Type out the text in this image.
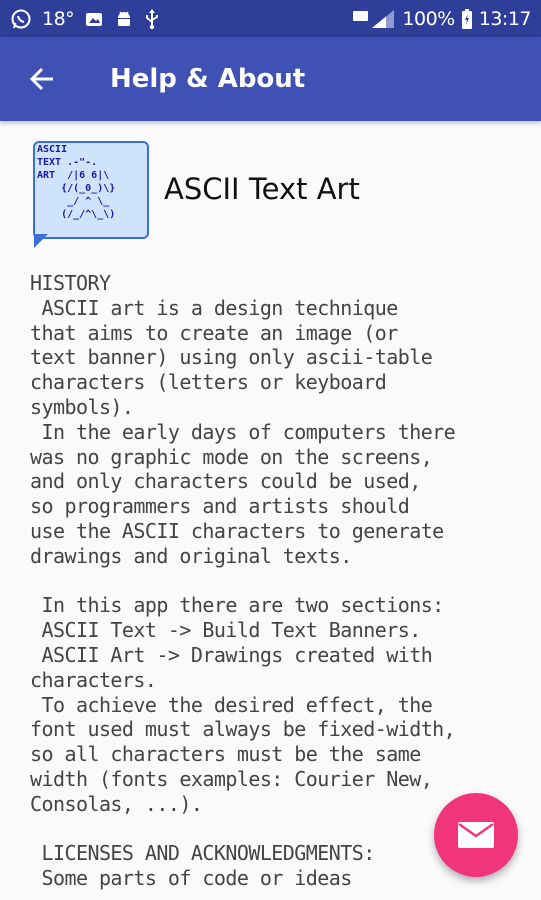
18°	100% 13:17
Help & About
ASCII
TEXT .-"-.
ART  /|6 6|\
{/(_0_)\}
_/ ^ \_
(/_/^\_\)
ASCII Text Art
HISTORY
ASCII art is a design technique
that aims to create an image (or
text banner) using only ascii-table
characters (letters or keyboard
symbols).
In the early days of computers there
was no graphic mode on the screens,
and only characters could be used,
so programmers and artists should
use the ASCII characters to generate
drawings and original texts.

In this app there are two sections:
ASCII Text -> Build Text Banners.
ASCII Art -> Drawings created with
characters.
To achieve the desired effect, the
font used must always be fixed-width,
so all characters must be the same
width (fonts examples: Courier New,
Consolas, ...).

LICENSES AND ACKNOWLEDGMENTS:
Some parts of code or ideas
